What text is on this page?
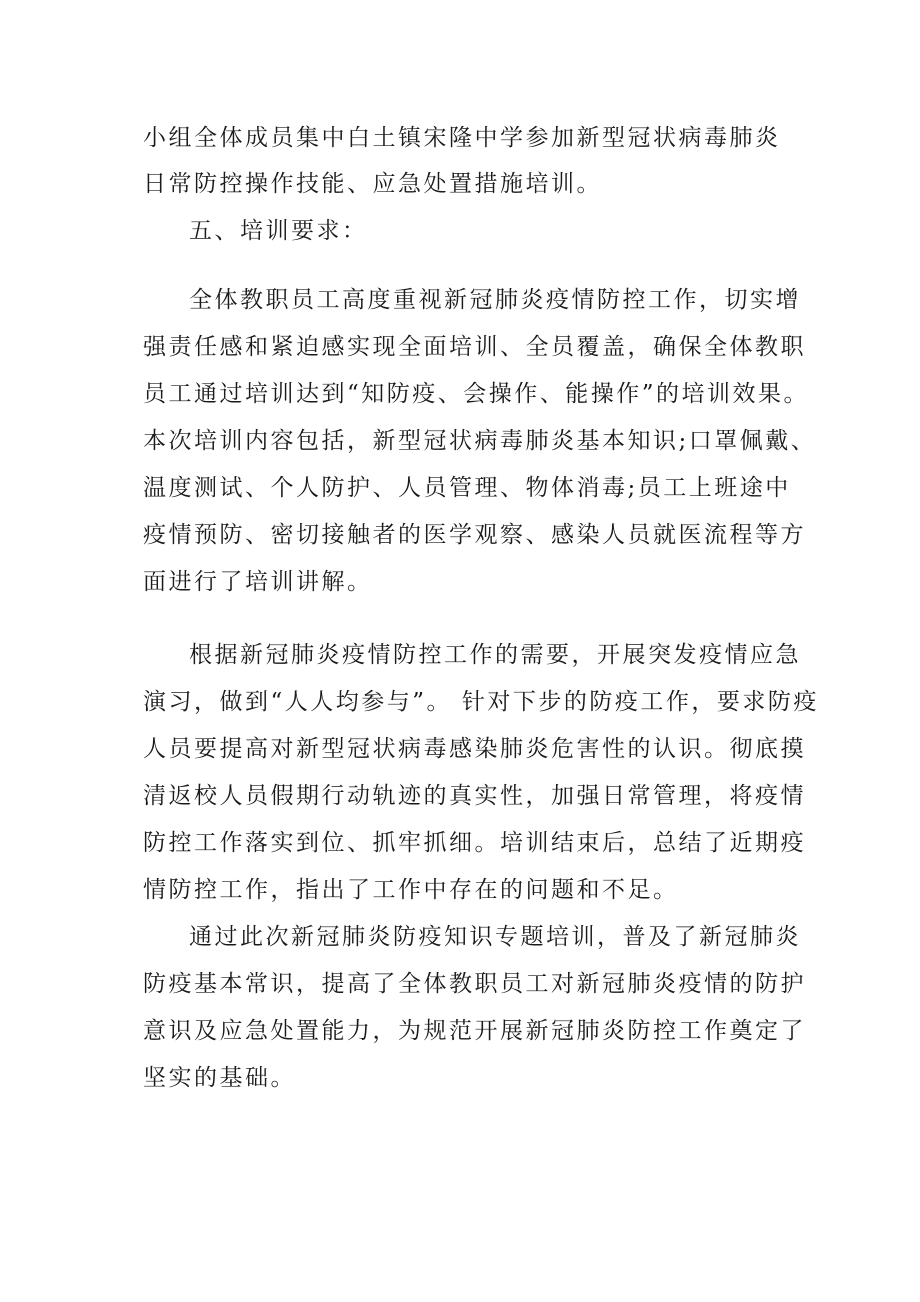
小组全体成员集中白土镇宋隆中学参加新型冠状病毒肺炎
日常防控操作技能、应急处置措施培训。
五、培训要求：
全体教职员工高度重视新冠肺炎疫情防控工作，切实增
强责任感和紧迫感实现全面培训、全员覆盖，确保全体教职
员工通过培训达到“知防疫、会操作、能操作”的培训效果。
本次培训内容包括，新型冠状病毒肺炎基本知识;口罩佩戴、
温度测试、个人防护、人员管理、物体消毒;员工上班途中
疫情预防、密切接触者的医学观察、感染人员就医流程等方
面进行了培训讲解。
根据新冠肺炎疫情防控工作的需要，开展突发疫情应急
演习，做到“人人均参与”。 针对下步的防疫工作，要求防疫
人员要提高对新型冠状病毒感染肺炎危害性的认识。彻底摸
清返校人员假期行动轨迹的真实性，加强日常管理，将疫情
防控工作落实到位、抓牢抓细。培训结束后，总结了近期疫
情防控工作，指出了工作中存在的问题和不足。
通过此次新冠肺炎防疫知识专题培训，普及了新冠肺炎
防疫基本常识，提高了全体教职员工对新冠肺炎疫情的防护
意识及应急处置能力，为规范开展新冠肺炎防控工作奠定了
坚实的基础。
